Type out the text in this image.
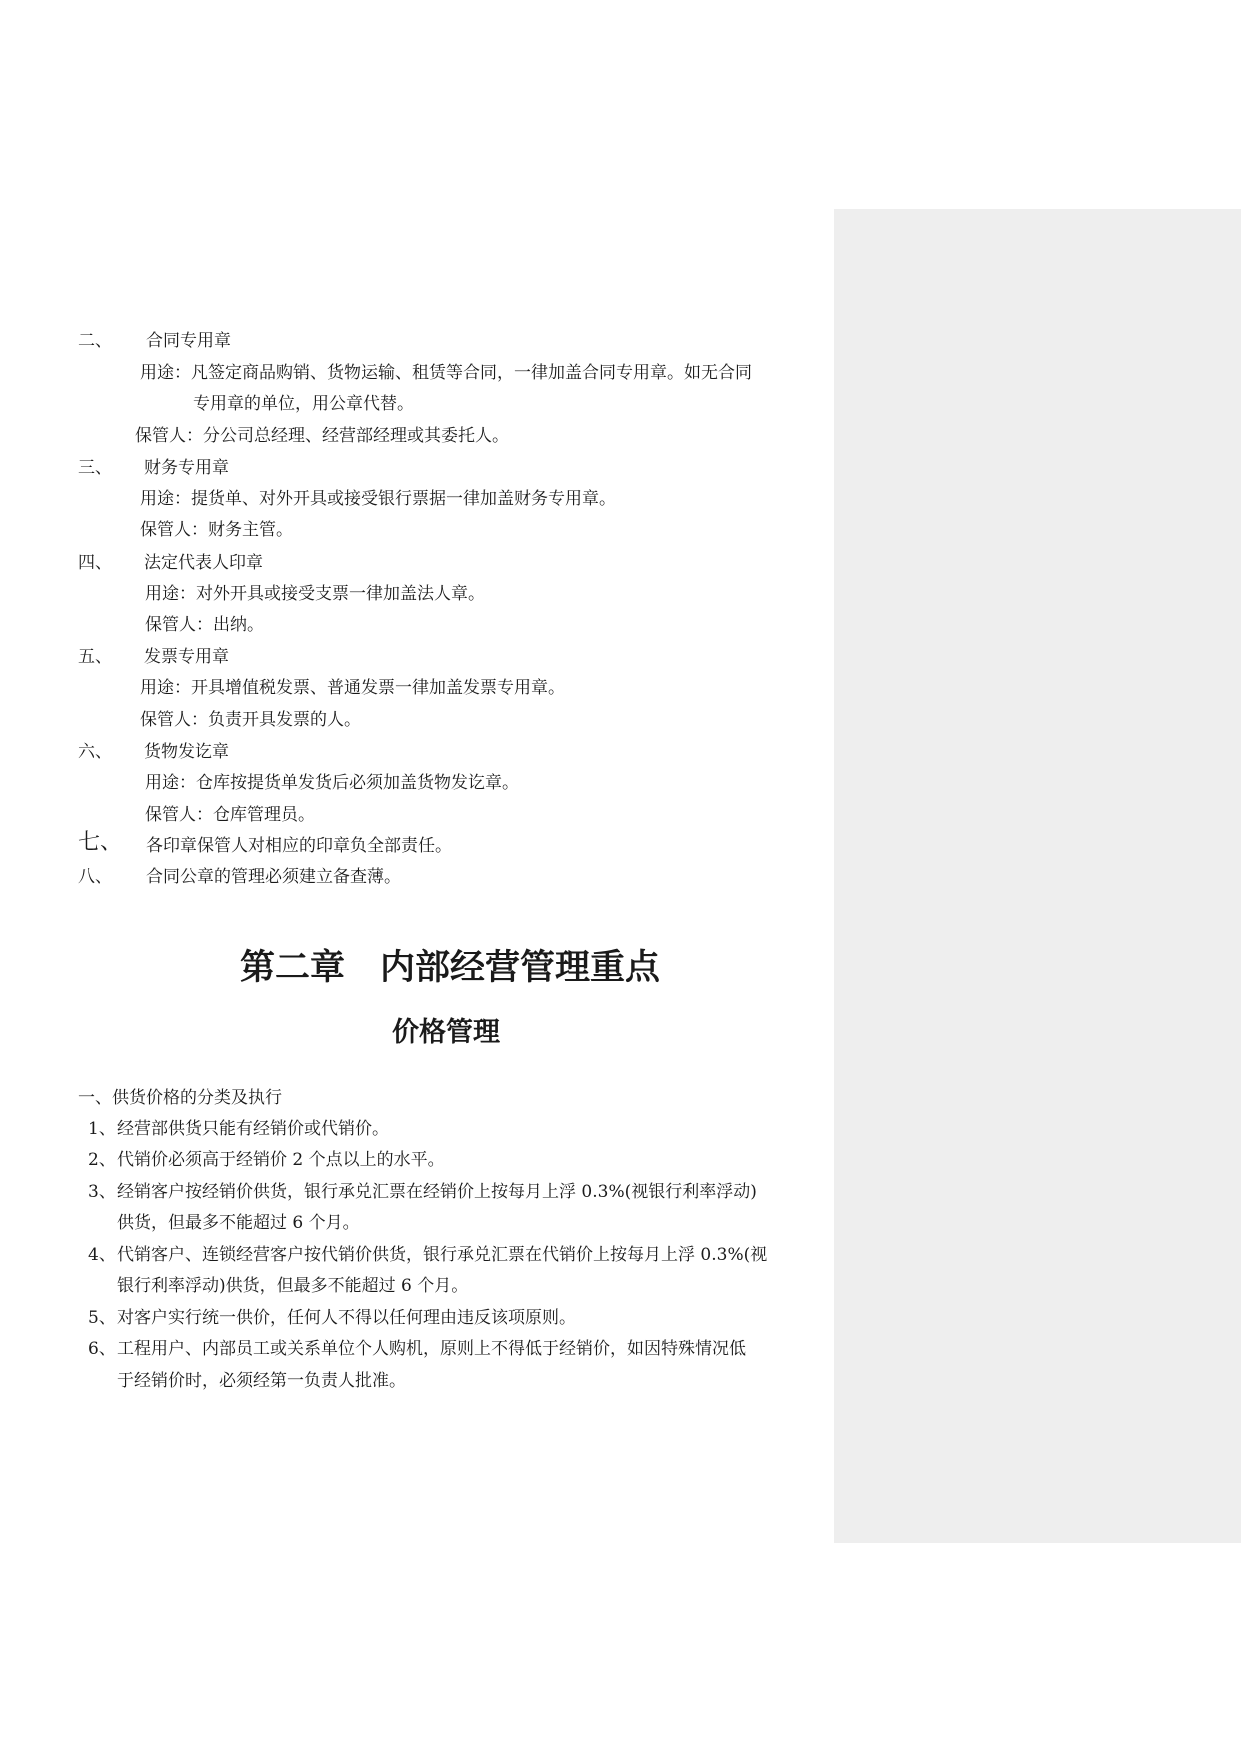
二、 合同专用章
用途：凡签定商品购销、货物运输、租赁等合同，一律加盖合同专用章。如无合同
专用章的单位，用公章代替。
保管人：分公司总经理、经营部经理或其委托人。
三、 财务专用章
用途：提货单、对外开具或接受银行票据一律加盖财务专用章。
保管人：财务主管。
四、 法定代表人印章
用途：对外开具或接受支票一律加盖法人章。
保管人：出纳。
五、 发票专用章
用途：开具增值税发票、普通发票一律加盖发票专用章。
保管人：负责开具发票的人。
六、 货物发讫章
用途：仓库按提货单发货后必须加盖货物发讫章。
保管人：仓库管理员。
七、 各印章保管人对相应的印章负全部责任。
八、 合同公章的管理必须建立备查薄。
第二章　内部经营管理重点
价格管理
一、供货价格的分类及执行
1、 经营部供货只能有经销价或代销价。
2、 代销价必须高于经销价 2 个点以上的水平。
3、 经销客户按经销价供货，银行承兑汇票在经销价上按每月上浮 0.3%(视银行利率浮动)
供货，但最多不能超过 6 个月。
4、 代销客户、连锁经营客户按代销价供货，银行承兑汇票在代销价上按每月上浮 0.3%(视
银行利率浮动)供货，但最多不能超过 6 个月。
5、 对客户实行统一供价，任何人不得以任何理由违反该项原则。
6、 工程用户、内部员工或关系单位个人购机，原则上不得低于经销价，如因特殊情况低
于经销价时，必须经第一负责人批准。
